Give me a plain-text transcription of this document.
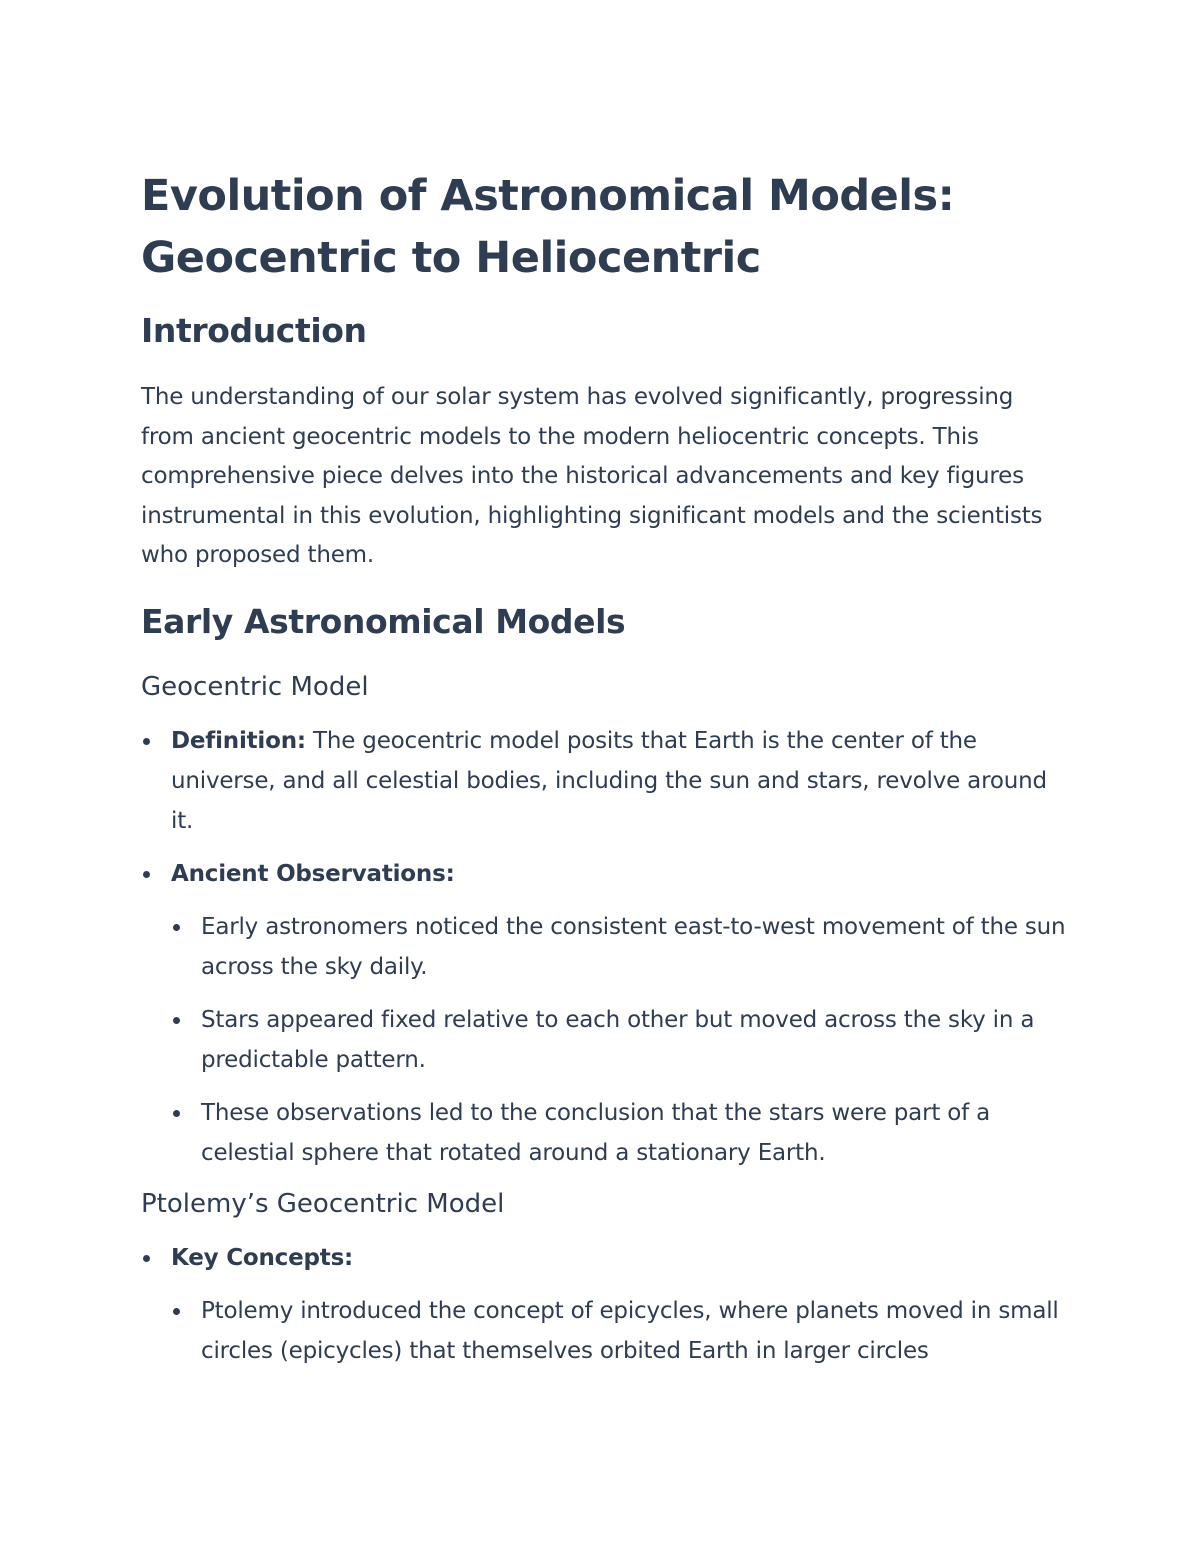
Evolution of Astronomical Models:
Geocentric to Heliocentric
Introduction

The understanding of our solar system has evolved significantly, progressing from ancient geocentric models to the modern heliocentric concepts. This comprehensive piece delves into the historical advancements and key figures instrumental in this evolution, highlighting significant models and the scientists who proposed them.

Early Astronomical Models
Geocentric Model
Definition: The geocentric model posits that Earth is the center of the universe, and all celestial bodies, including the sun and stars, revolve around it.
Ancient Observations:
Early astronomers noticed the consistent east-to-west movement of the sun across the sky daily.
Stars appeared fixed relative to each other but moved across the sky in a predictable pattern.
These observations led to the conclusion that the stars were part of a celestial sphere that rotated around a stationary Earth.
Ptolemy’s Geocentric Model
Key Concepts:
Ptolemy introduced the concept of epicycles, where planets moved in small circles (epicycles) that themselves orbited Earth in larger circles
